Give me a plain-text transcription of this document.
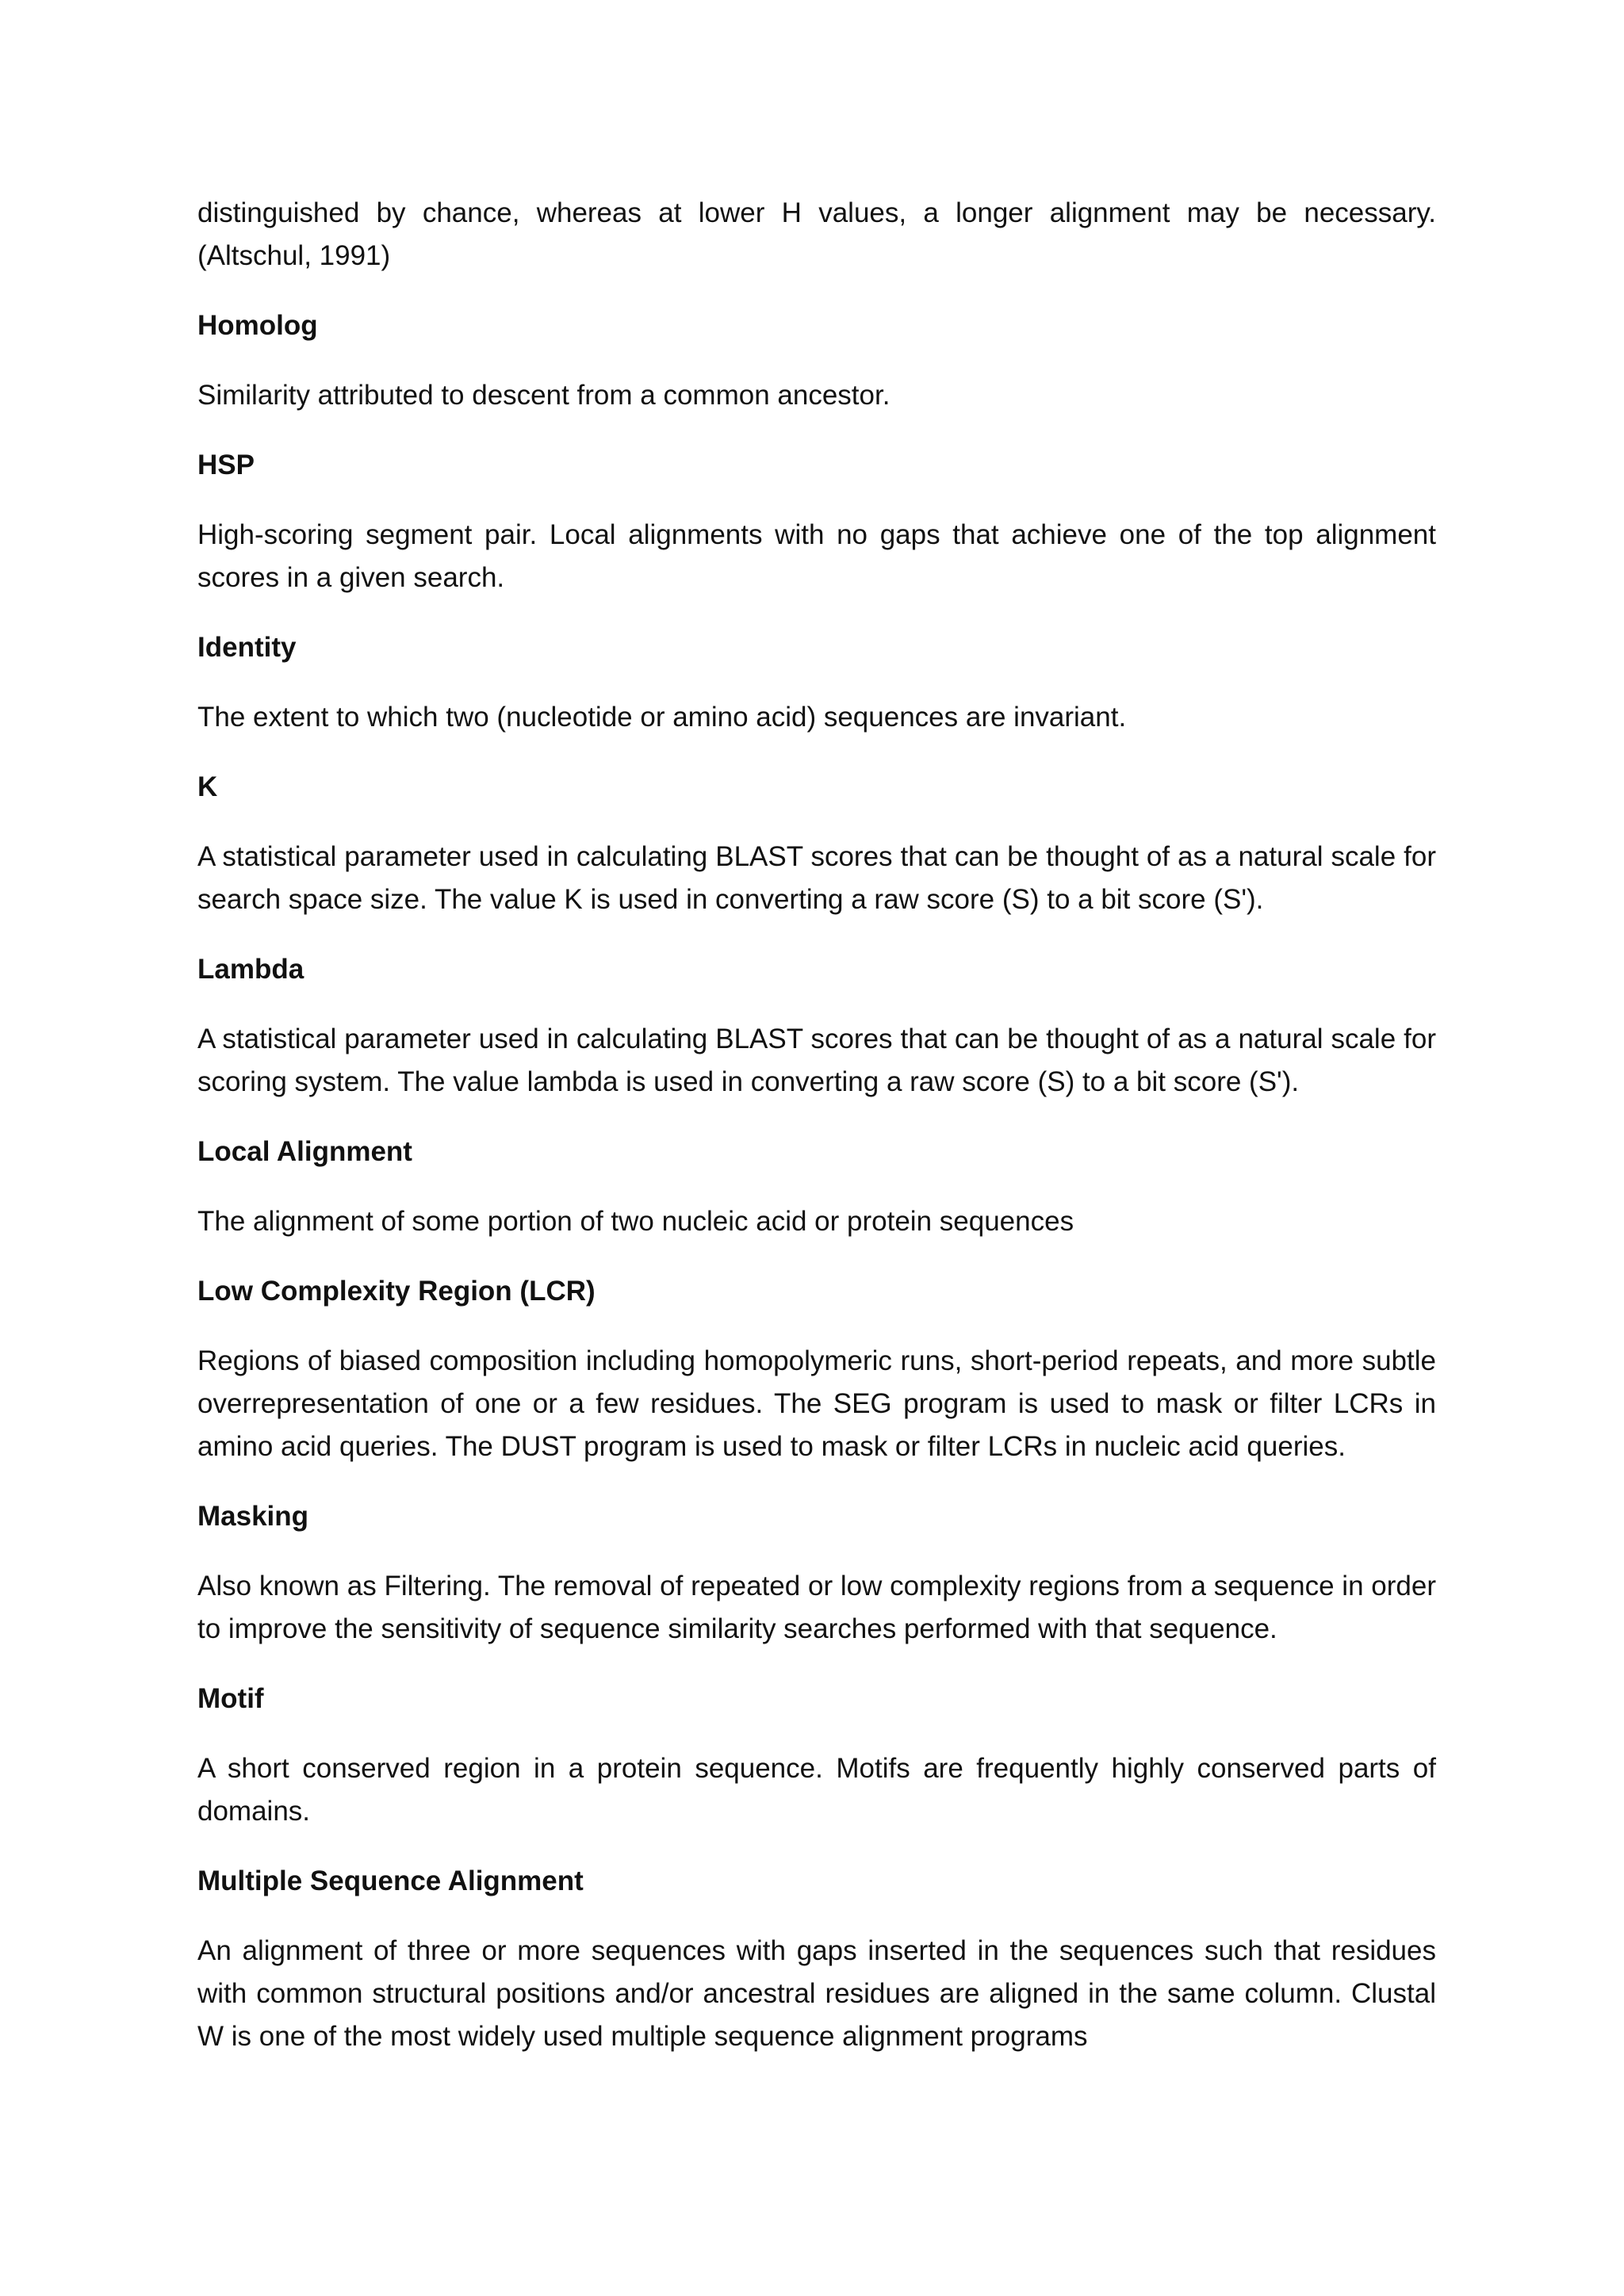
distinguished by chance, whereas at lower H values, a longer alignment may be necessary. (Altschul, 1991)

Homolog

Similarity attributed to descent from a common ancestor.

HSP

High-scoring segment pair. Local alignments with no gaps that achieve one of the top alignment scores in a given search.

Identity

The extent to which two (nucleotide or amino acid) sequences are invariant.

K

A statistical parameter used in calculating BLAST scores that can be thought of as a natural scale for search space size. The value K is used in converting a raw score (S) to a bit score (S').

Lambda

A statistical parameter used in calculating BLAST scores that can be thought of as a natural scale for scoring system. The value lambda is used in converting a raw score (S) to a bit score (S').

Local Alignment

The alignment of some portion of two nucleic acid or protein sequences

Low Complexity Region (LCR)

Regions of biased composition including homopolymeric runs, short-period repeats, and more subtle overrepresentation of one or a few residues. The SEG program is used to mask or filter LCRs in amino acid queries. The DUST program is used to mask or filter LCRs in nucleic acid queries.

Masking

Also known as Filtering. The removal of repeated or low complexity regions from a sequence in order to improve the sensitivity of sequence similarity searches performed with that sequence.

Motif

A short conserved region in a protein sequence. Motifs are frequently highly conserved parts of domains.

Multiple Sequence Alignment

An alignment of three or more sequences with gaps inserted in the sequences such that residues with common structural positions and/or ancestral residues are aligned in the same column. Clustal W is one of the most widely used multiple sequence alignment programs
